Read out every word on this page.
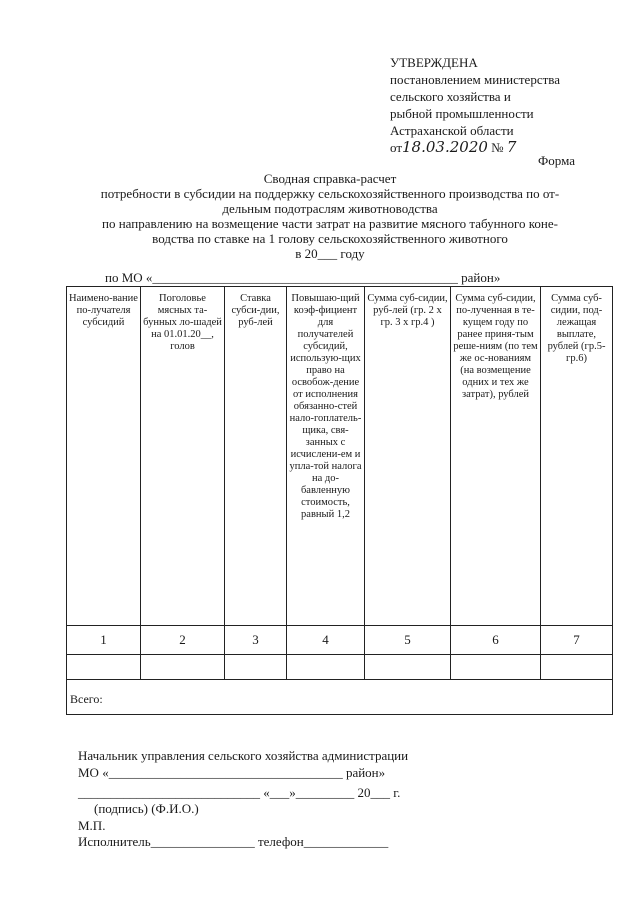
УТВЕРЖДЕНА
постановлением министерства
сельского хозяйства и
рыбной промышленности
Астраханской области
от18.03.2020 № 7
Форма
Сводная справка-расчет
потребности в субсидии на поддержку сельскохозяйственного производства по от-
дельным подотраслям животноводства
по направлению на возмещение части затрат на развитие мясного табунного коне-
водства по ставке на 1 голову сельскохозяйственного животного
в 20___ году
по МО «_______________________________________________ район»
Наимено-вание по-лучателя субсидий	Поголовье мясных та-бунных ло-шадей на 01.01.20__, голов	Ставка субси-дии, руб-лей	Повышаю-щий коэф-фициент для получателей субсидий, использую-щих право на освобож-дение от исполнения обязанно-стей нало-гоплатель-щика, свя-занных с исчислени-ем и упла-той налога на до-бавленную стоимость, равный 1,2	Сумма суб-сидии, руб-лей (гр. 2 х гр. 3 х гр.4 )	Сумма суб-сидии, по-лученная в те-кущем году по ранее приня-тым реше-ниям (по тем же ос-нованиям (на возмещение одних и тех же затрат), рублей	Сумма суб-сидии, под-лежащая выплате, рублей (гр.5-гр.6)
1	2	3	4	5	6	7

Всего:						
Начальник управления сельского хозяйства администрации
МО «____________________________________ район»
____________________________ «___»_________ 20___ г.
(подпись) (Ф.И.О.)
М.П.
Исполнитель________________ телефон_____________
